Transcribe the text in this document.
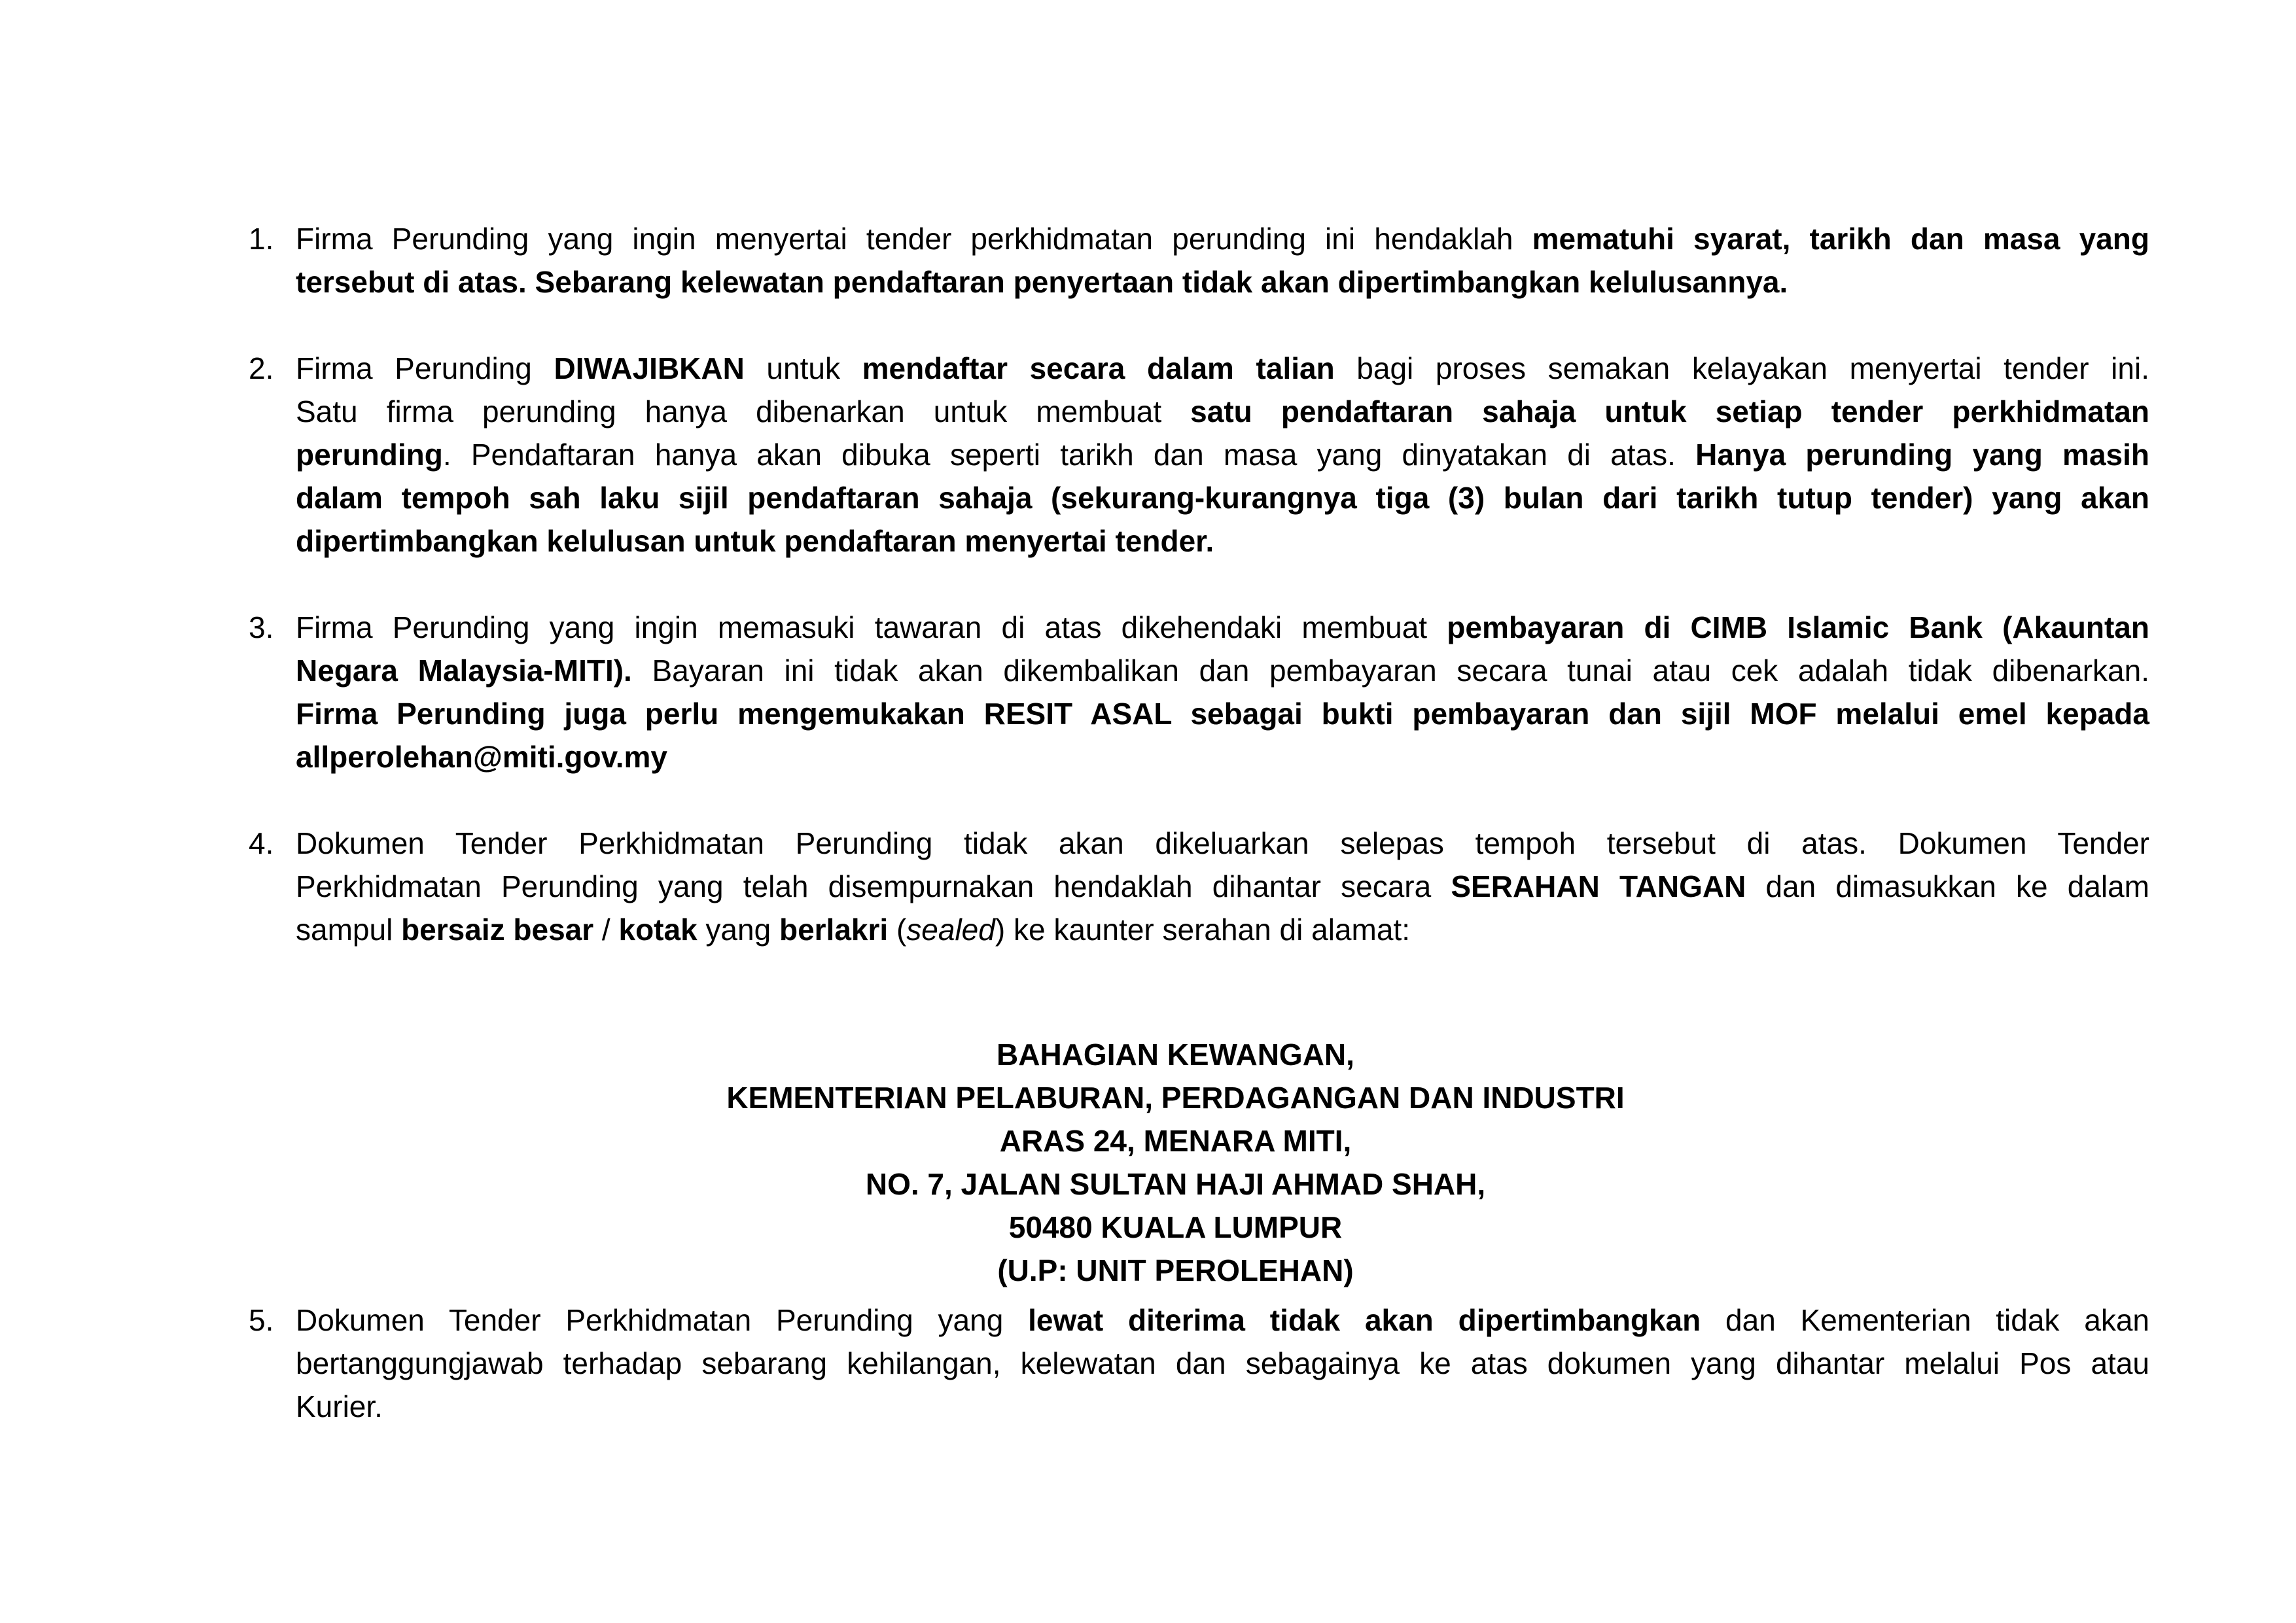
1. Firma Perunding yang ingin menyertai tender perkhidmatan perunding ini hendaklah mematuhi syarat, tarikh dan masa yang
tersebut di atas. Sebarang kelewatan pendaftaran penyertaan tidak akan dipertimbangkan kelulusannya.
2. Firma Perunding DIWAJIBKAN untuk mendaftar secara dalam talian bagi proses semakan kelayakan menyertai tender ini.
Satu firma perunding hanya dibenarkan untuk membuat satu pendaftaran sahaja untuk setiap tender perkhidmatan
perunding. Pendaftaran hanya akan dibuka seperti tarikh dan masa yang dinyatakan di atas. Hanya perunding yang masih
dalam tempoh sah laku sijil pendaftaran sahaja (sekurang-kurangnya tiga (3) bulan dari tarikh tutup tender) yang akan
dipertimbangkan kelulusan untuk pendaftaran menyertai tender.
3. Firma Perunding yang ingin memasuki tawaran di atas dikehendaki membuat pembayaran di CIMB Islamic Bank (Akauntan
Negara Malaysia-MITI). Bayaran ini tidak akan dikembalikan dan pembayaran secara tunai atau cek adalah tidak dibenarkan.
Firma Perunding juga perlu mengemukakan RESIT ASAL sebagai bukti pembayaran dan sijil MOF melalui emel kepada
allperolehan@miti.gov.my
4. Dokumen Tender Perkhidmatan Perunding tidak akan dikeluarkan selepas tempoh tersebut di atas. Dokumen Tender
Perkhidmatan Perunding yang telah disempurnakan hendaklah dihantar secara SERAHAN TANGAN dan dimasukkan ke dalam
sampul bersaiz besar / kotak yang berlakri (sealed) ke kaunter serahan di alamat:
BAHAGIAN KEWANGAN,
KEMENTERIAN PELABURAN, PERDAGANGAN DAN INDUSTRI
ARAS 24, MENARA MITI,
NO. 7, JALAN SULTAN HAJI AHMAD SHAH,
50480 KUALA LUMPUR
(U.P: UNIT PEROLEHAN)
5. Dokumen Tender Perkhidmatan Perunding yang lewat diterima tidak akan dipertimbangkan dan Kementerian tidak akan
bertanggungjawab terhadap sebarang kehilangan, kelewatan dan sebagainya ke atas dokumen yang dihantar melalui Pos atau
Kurier.
